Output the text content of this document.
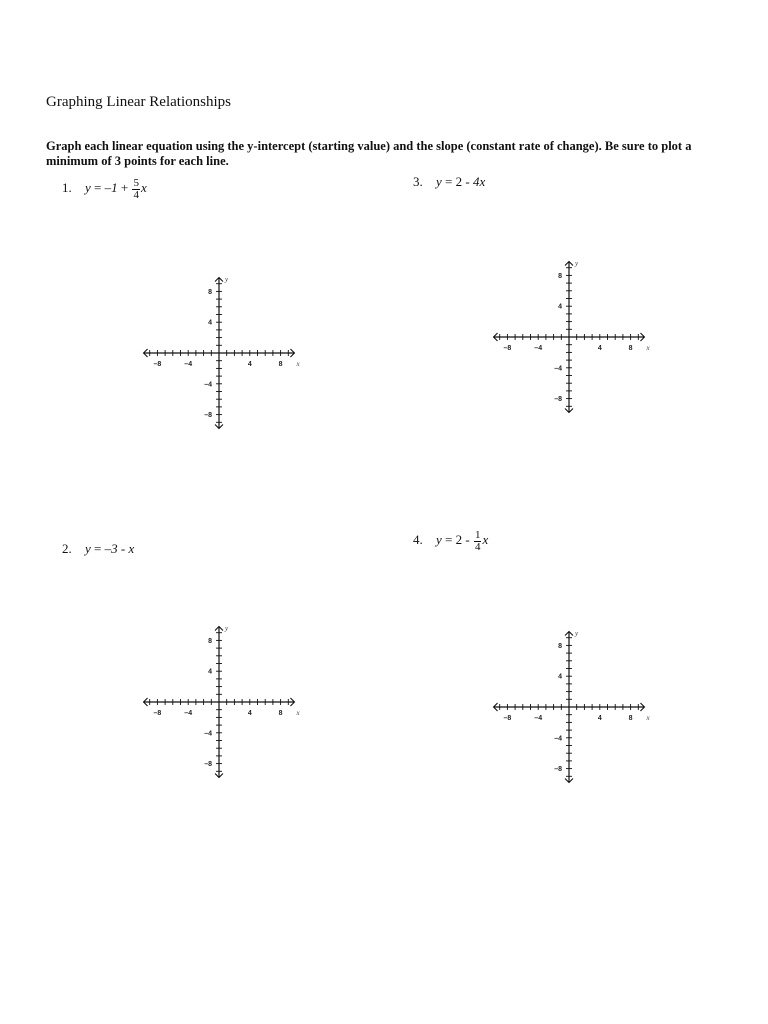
Graphing Linear Relationships

Graph each linear equation using the y-intercept (starting value) and the slope (constant rate of change). Be sure to plot a minimum of 3 points for each line.

1. $y = -1 + \frac{5}{4}$ x
2. y = –3 - x
3. y = 2 - 4x
4. $y = 2 - \frac{1}{4}$ x
–8	–4	4	8
8
4
–4
–8
x
y
–8	–4	4	8
8
4
–4
–8
x
y
–8	–4	4	8
8
4
–4
–8
x
y
–8	–4	4	8
8
4
–4
–8
x
y
